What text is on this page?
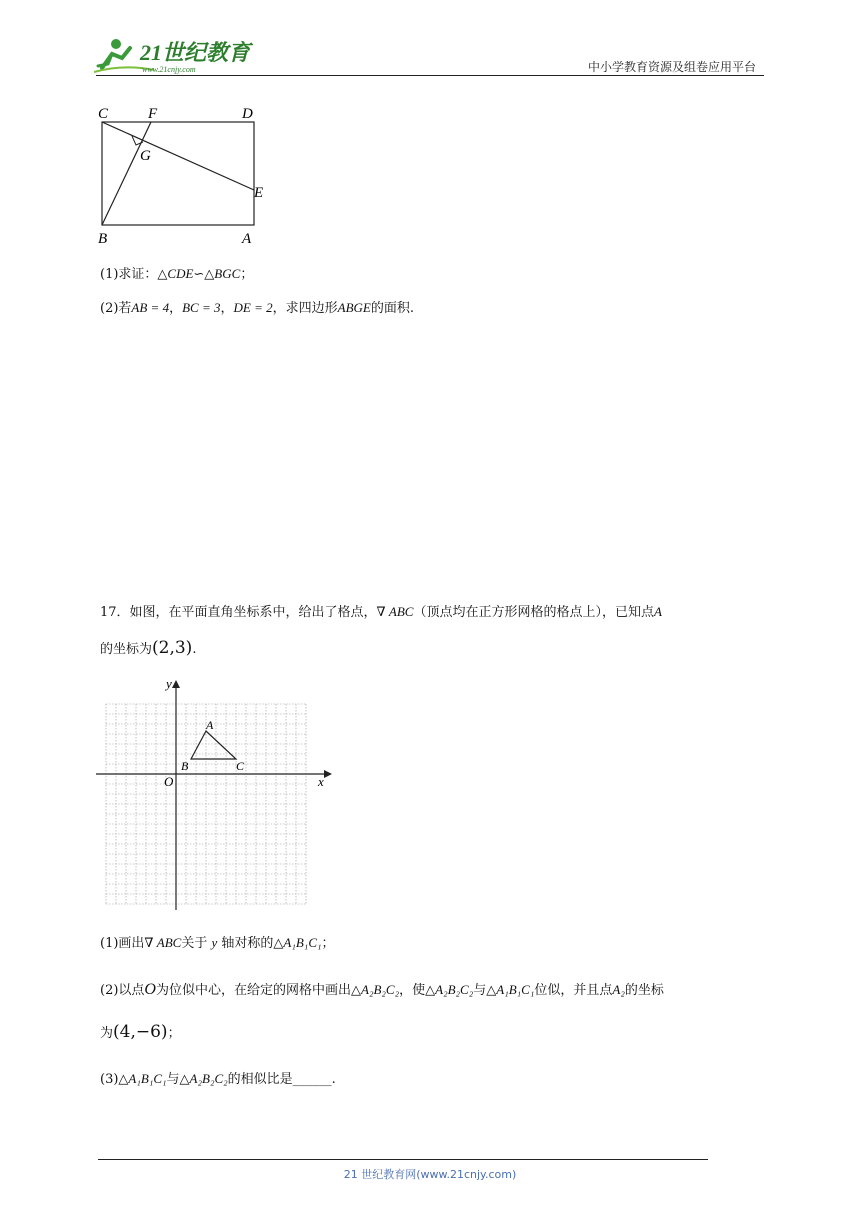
21世纪教育
www.21cnjy.com	中小学教育资源及组卷应用平台
C	F	D
G
E
B	A
(1)求证：△CDE∽△BGC；
(2)若AB = 4，BC = 3，DE = 2，求四边形ABGE的面积.
17．如图，在平面直角坐标系中，给出了格点，∇ ABC（顶点均在正方形网格的格点上），已知点A
的坐标为(2,3).
y
x
O
A
B	C
(1)画出∇ ABC关于 y 轴对称的△A₁B₁C₁；
(2)以点O为位似中心，在给定的网格中画出△A₂B₂C₂，使△A₂B₂C₂与△A₁B₁C₁位似，并且点A₂的坐标
为(4,−6)；
(3)△A₁B₁C₁与△A₂B₂C₂的相似比是______.
21 世纪教育网(www.21cnjy.com)
